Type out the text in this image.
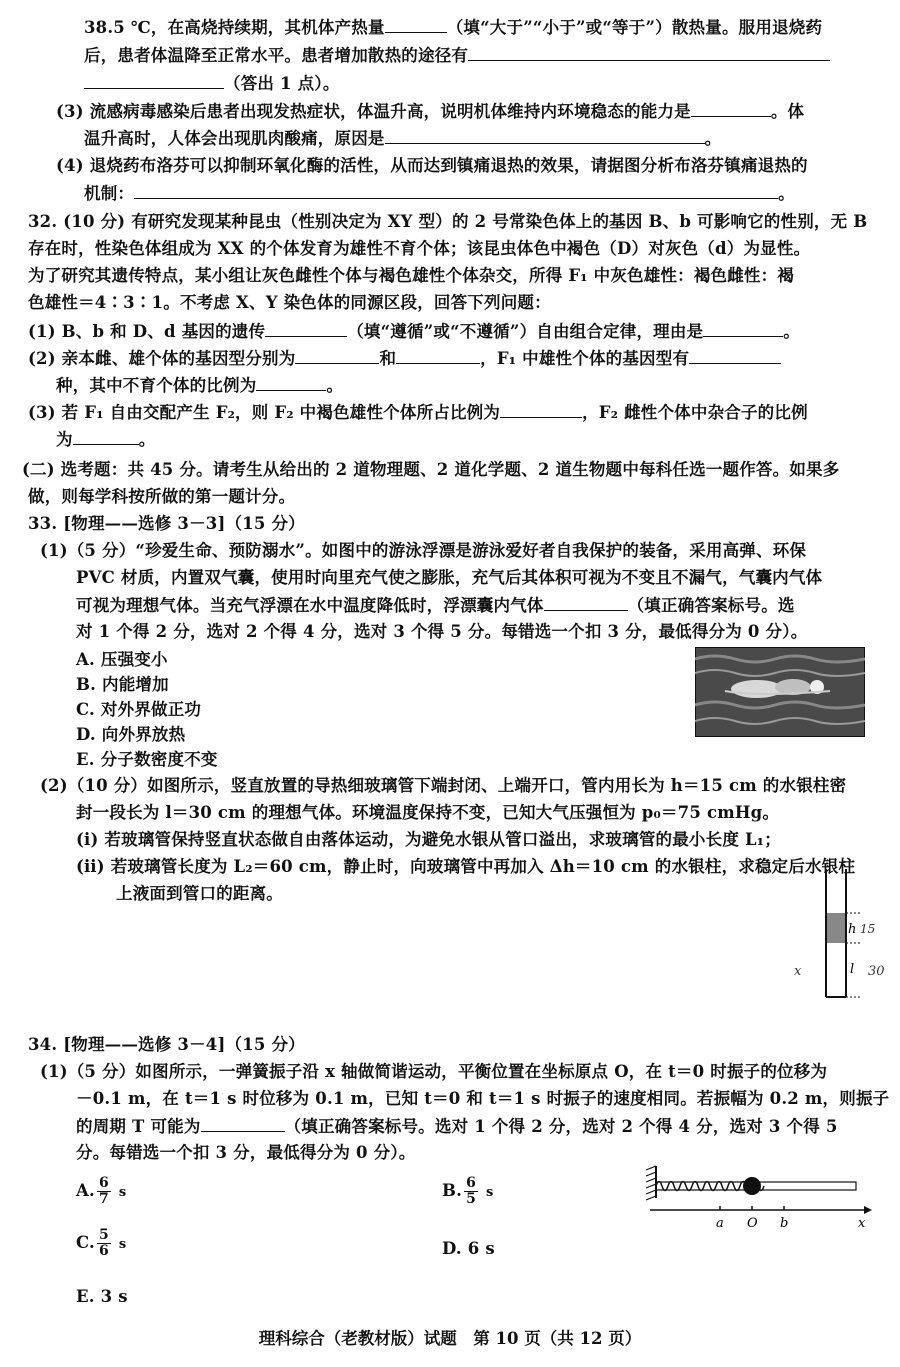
38.5 ℃，在高烧持续期，其机体产热量	（填“大于”“小于”或“等于”）散热量。服用退烧药
后，患者体温降至正常水平。患者增加散热的途径有
（答出 1 点）。
(3) 流感病毒感染后患者出现发热症状，体温升高，说明机体维持内环境稳态的能力是	。体
温升高时，人体会出现肌肉酸痛，原因是	。
(4) 退烧药布洛芬可以抑制环氧化酶的活性，从而达到镇痛退热的效果，请据图分析布洛芬镇痛退热的
机制：	。
32. (10 分) 有研究发现某种昆虫（性别决定为 XY 型）的 2 号常染色体上的基因 B、b 可影响它的性别，无 B
存在时，性染色体组成为 XX 的个体发育为雄性不育个体；该昆虫体色中褐色（D）对灰色（d）为显性。
为了研究其遗传特点，某小组让灰色雌性个体与褐色雄性个体杂交，所得 F₁ 中灰色雄性：褐色雌性：褐
色雄性＝4∶3∶1。不考虑 X、Y 染色体的同源区段，回答下列问题：
(1) B、b 和 D、d 基因的遗传	（填“遵循”或“不遵循”）自由组合定律，理由是	。
(2) 亲本雌、雄个体的基因型分别为	和	，F₁ 中雄性个体的基因型有
种，其中不育个体的比例为	。
(3) 若 F₁ 自由交配产生 F₂，则 F₂ 中褐色雄性个体所占比例为	，F₂ 雌性个体中杂合子的比例
为	。
(二) 选考题：共 45 分。请考生从给出的 2 道物理题、2 道化学题、2 道生物题中每科任选一题作答。如果多
做，则每学科按所做的第一题计分。
33. [物理——选修 3－3]（15 分）
(1)（5 分）“珍爱生命、预防溺水”。如图中的游泳浮漂是游泳爱好者自我保护的装备，采用高弹、环保
PVC 材质，内置双气囊，使用时向里充气使之膨胀，充气后其体积可视为不变且不漏气，气囊内气体
可视为理想气体。当充气浮漂在水中温度降低时，浮漂囊内气体	（填正确答案标号。选
对 1 个得 2 分，选对 2 个得 4 分，选对 3 个得 5 分。每错选一个扣 3 分，最低得分为 0 分）。
A. 压强变小
B. 内能增加
C. 对外界做正功
D. 向外界放热
E. 分子数密度不变
(2)（10 分）如图所示，竖直放置的导热细玻璃管下端封闭、上端开口，管内用长为 h＝15 cm 的水银柱密
封一段长为 l＝30 cm 的理想气体。环境温度保持不变，已知大气压强恒为 p₀＝75 cmHg。
(ⅰ) 若玻璃管保持竖直状态做自由落体运动，为避免水银从管口溢出，求玻璃管的最小长度 L₁；
(ⅱ) 若玻璃管长度为 L₂＝60 cm，静止时，向玻璃管中再加入 Δh＝10 cm 的水银柱，求稳定后水银柱
上液面到管口的距离。
h 15
l 30
x
34. [物理——选修 3－4]（15 分）
(1)（5 分）如图所示，一弹簧振子沿 x 轴做简谐运动，平衡位置在坐标原点 O，在 t＝0 时振子的位移为
－0.1 m，在 t＝1 s 时位移为 0.1 m，已知 t＝0 和 t＝1 s 时振子的速度相同。若振幅为 0.2 m，则振子
的周期 T 可能为	（填正确答案标号。选对 1 个得 2 分，选对 2 个得 4 分，选对 3 个得 5
分。每错选一个扣 3 分，最低得分为 0 分）。
A. $\frac{6}{7}$ s	B. $\frac{6}{5}$ s
C. $\frac{5}{6}$ s	D. 6 s
E. 3 s
a O b	x
理科综合（老教材版）试题　第 10 页（共 12 页）
